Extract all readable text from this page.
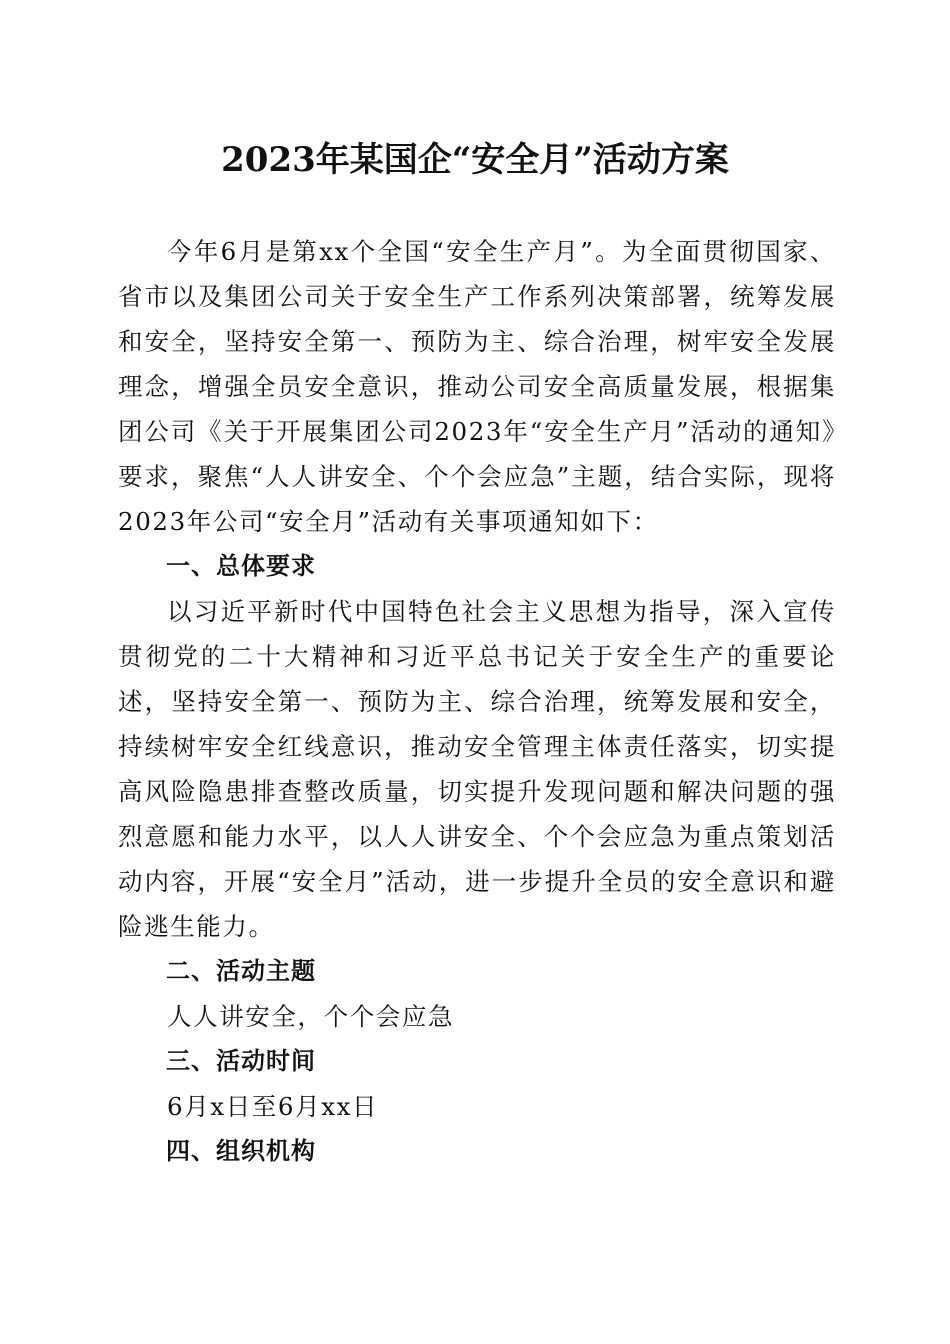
2023年某国企“安全月”活动方案

今年6月是第xx个全国“安全生产月”。为全面贯彻国家、省市以及集团公司关于安全生产工作系列决策部署，统筹发展和安全，坚持安全第一、预防为主、综合治理，树牢安全发展理念，增强全员安全意识，推动公司安全高质量发展，根据集团公司《关于开展集团公司2023年“安全生产月”活动的通知》要求，聚焦“人人讲安全、个个会应急”主题，结合实际，现将2023年公司“安全月”活动有关事项通知如下：

一、总体要求

以习近平新时代中国特色社会主义思想为指导，深入宣传贯彻党的二十大精神和习近平总书记关于安全生产的重要论述，坚持安全第一、预防为主、综合治理，统筹发展和安全，持续树牢安全红线意识，推动安全管理主体责任落实，切实提高风险隐患排查整改质量，切实提升发现问题和解决问题的强烈意愿和能力水平，以人人讲安全、个个会应急为重点策划活动内容，开展“安全月”活动，进一步提升全员的安全意识和避险逃生能力。

二、活动主题

人人讲安全，个个会应急

三、活动时间

6月x日至6月xx日

四、组织机构
